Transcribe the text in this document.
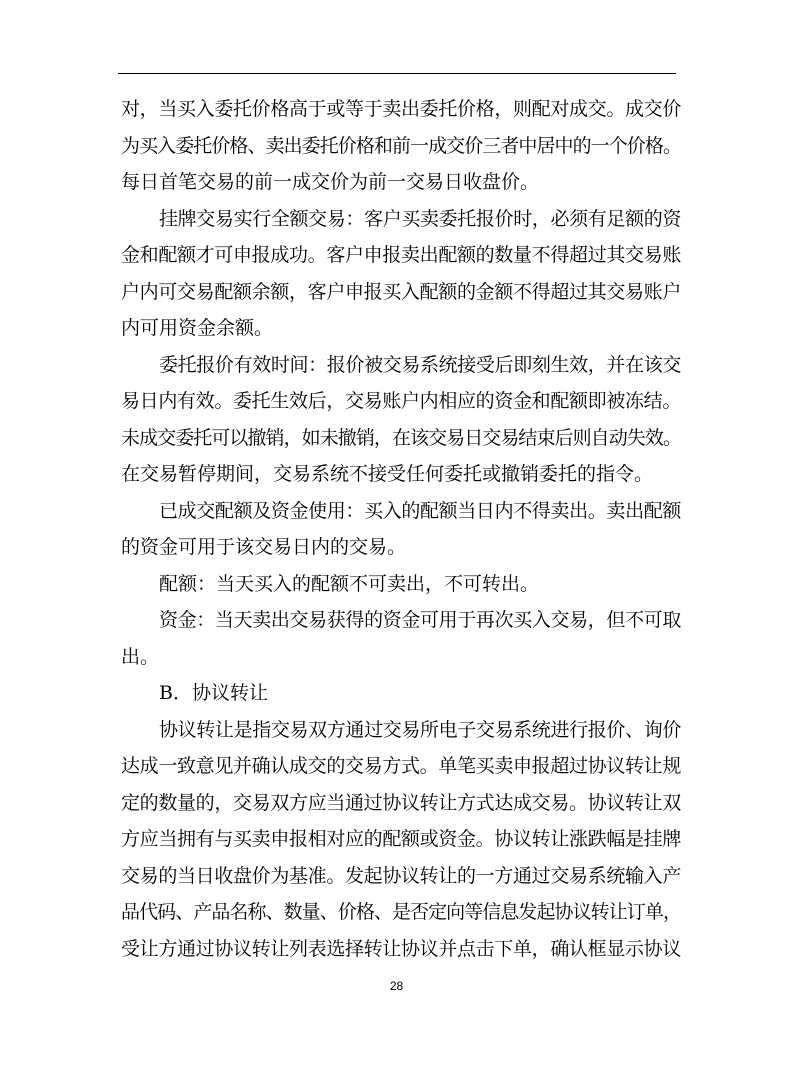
对，当买入委托价格高于或等于卖出委托价格，则配对成交。成交价
为买入委托价格、卖出委托价格和前一成交价三者中居中的一个价格。
每日首笔交易的前一成交价为前一交易日收盘价。
挂牌交易实行全额交易：客户买卖委托报价时，必须有足额的资
金和配额才可申报成功。客户申报卖出配额的数量不得超过其交易账
户内可交易配额余额，客户申报买入配额的金额不得超过其交易账户
内可用资金余额。
委托报价有效时间：报价被交易系统接受后即刻生效，并在该交
易日内有效。委托生效后，交易账户内相应的资金和配额即被冻结。
未成交委托可以撤销，如未撤销，在该交易日交易结束后则自动失效。
在交易暂停期间，交易系统不接受任何委托或撤销委托的指令。
已成交配额及资金使用：买入的配额当日内不得卖出。卖出配额
的资金可用于该交易日内的交易。
配额：当天买入的配额不可卖出，不可转出。
资金：当天卖出交易获得的资金可用于再次买入交易，但不可取
出。
B．协议转让
协议转让是指交易双方通过交易所电子交易系统进行报价、询价
达成一致意见并确认成交的交易方式。单笔买卖申报超过协议转让规
定的数量的，交易双方应当通过协议转让方式达成交易。协议转让双
方应当拥有与买卖申报相对应的配额或资金。协议转让涨跌幅是挂牌
交易的当日收盘价为基准。发起协议转让的一方通过交易系统输入产
品代码、产品名称、数量、价格、是否定向等信息发起协议转让订单，
受让方通过协议转让列表选择转让协议并点击下单，确认框显示协议
28
